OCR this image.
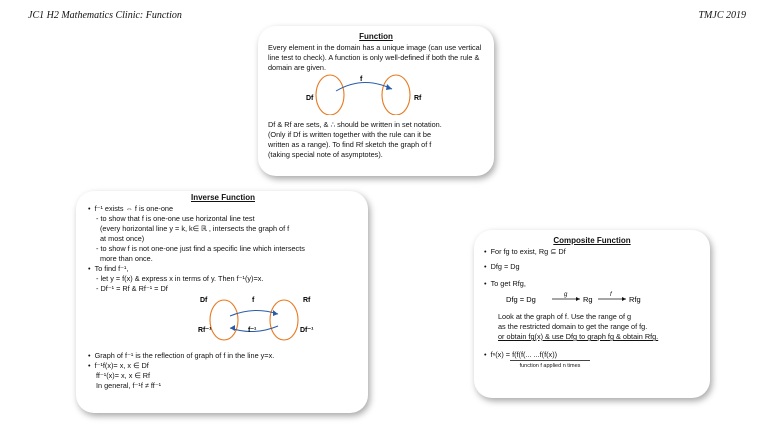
JC1 H2 Mathematics Clinic: Function	TMJC 2019
Function
Every element in the domain has a unique image (can use vertical line test to check). A function is only well-defined if both the rule & domain are given.
Df
f
Rf
Df & Rf are sets, & ∴ should be written in set notation.
(Only if Df is written together with the rule can it be
written as a range). To find Rf sketch the graph of f
(taking special note of asymptotes).
Inverse Function
• f⁻¹ exists ⇔ f is one-one
- to show that f is one-one use horizontal line test
(every horizontal line y = k, k∈ ℝ , intersects the graph of f
at most once)
- to show f is not one-one just find a specific line which intersects
more than once.
• To find f⁻¹,
- let y = f(x) & express x in terms of y. Then f⁻¹(y)=x.
- Df⁻¹ = Rf & Rf⁻¹ = Df
Df	f	Rf
Rf⁻¹	f⁻¹	Df⁻¹
• Graph of f⁻¹ is the reflection of graph of f in the line y=x.
• f⁻¹f(x)= x, x ∈ Df
ff⁻¹(x)= x, x ∈ Rf
In general, f⁻¹f ≠ ff⁻¹
Composite Function
• For fg to exist, Rg ⊆ Df
• Dfg = Dg
• To get Rfg,
Dfg = Dg	g Rg	f Rfg
Look at the graph of f. Use the range of g
as the restricted domain to get the range of fg.
or obtain fg(x) & use Dfg to graph fg & obtain Rfg.
• fⁿ(x) = f(f(f(... ...f(f(x))
function f applied n times
